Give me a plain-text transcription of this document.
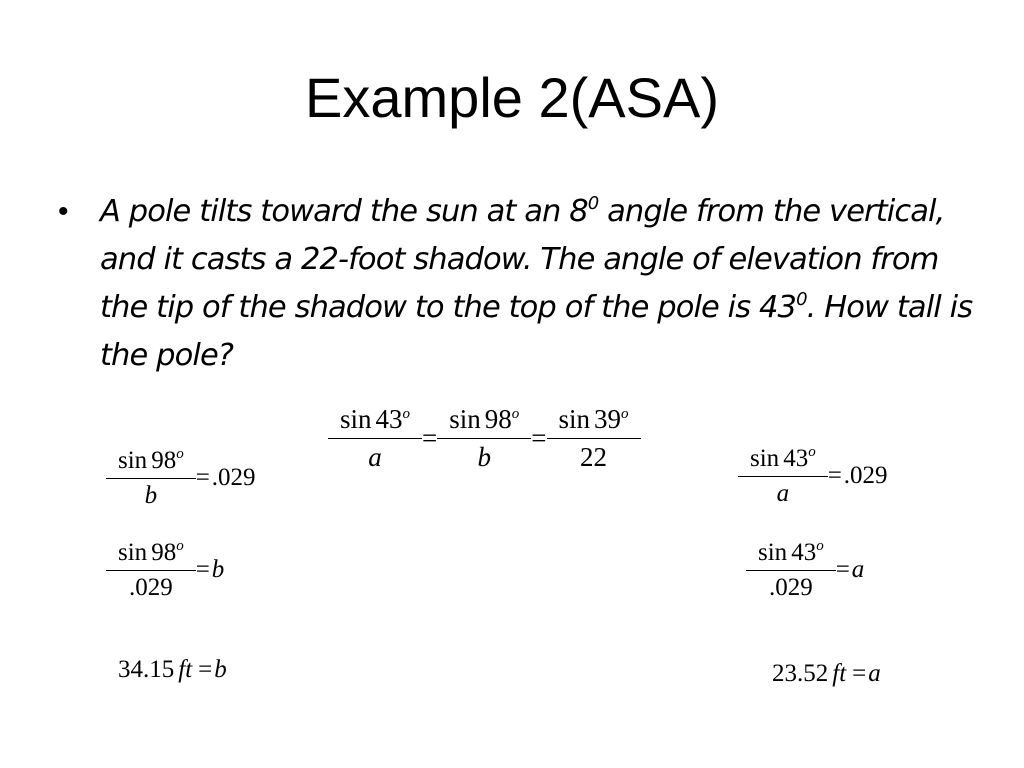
Example 2(ASA)
• A pole tilts toward the sun at an $8^0$ angle from the vertical, and it casts a 22-foot shadow. The angle of elevation from the tip of the shadow to the top of the pole is $43^0$. How tall is the pole?
$\frac{\sin 43^o}{a} = \frac{\sin 98^o}{b} = \frac{\sin 39^o}{22}$
$\frac{\sin 98^o}{b} = .029$
$\frac{\sin 98^o}{.029} = b$
34.15 ft = b
$\frac{\sin 43^o}{a} = .029$
$\frac{\sin 43^o}{.029} = a$
23.52 ft = a
